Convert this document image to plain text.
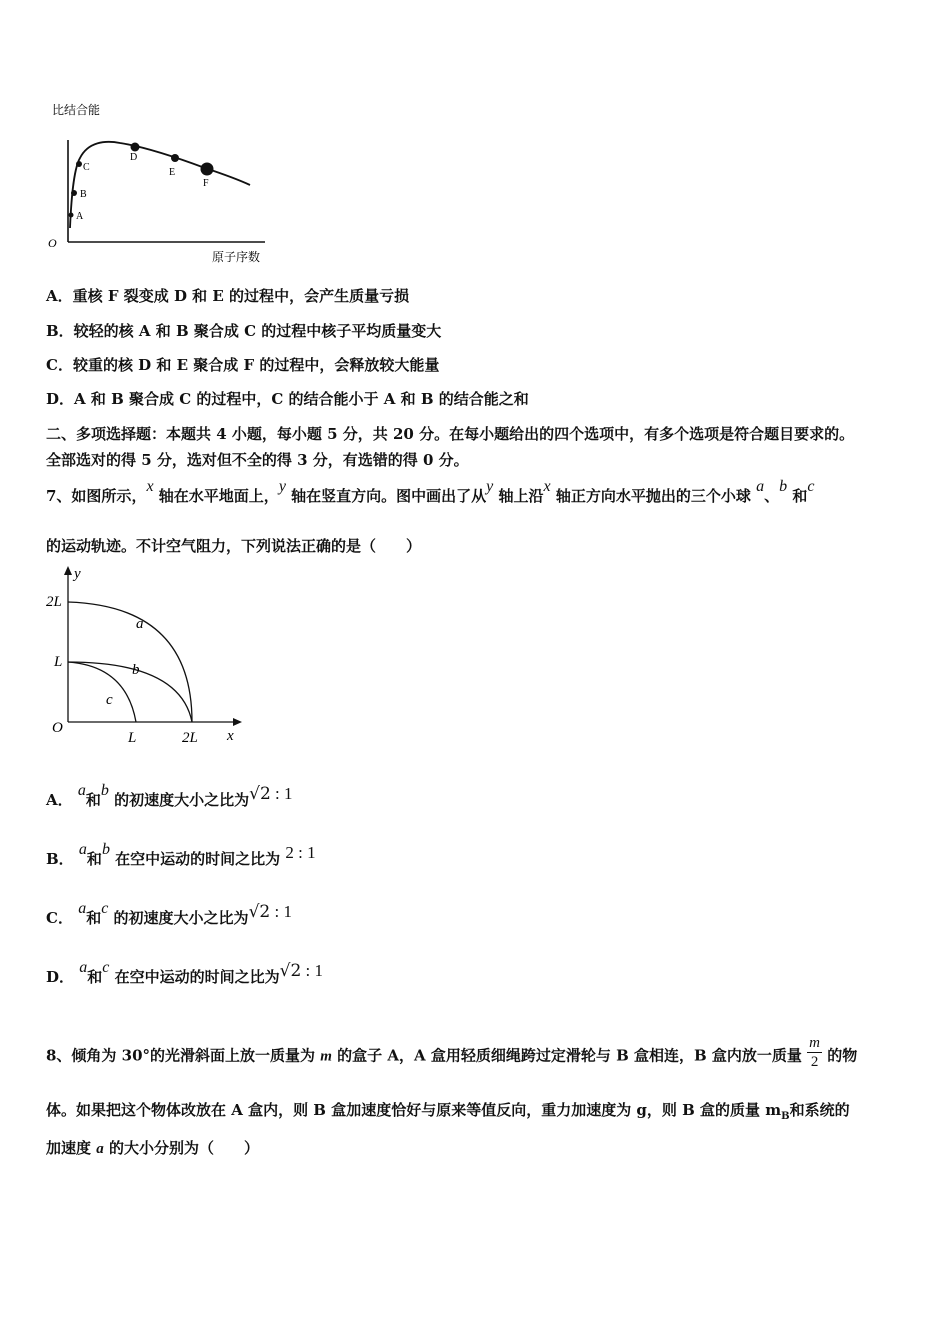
比结合能
O
原子序数
A
B
C
D
E
F
A．重核 F 裂变成 D 和 E 的过程中，会产生质量亏损
B．较轻的核 A 和 B 聚合成 C 的过程中核子平均质量变大
C．较重的核 D 和 E 聚合成 F 的过程中，会释放较大能量
D．A 和 B 聚合成 C 的过程中，C 的结合能小于 A 和 B 的结合能之和
二、多项选择题：本题共 4 小题，每小题 5 分，共 20 分。在每小题给出的四个选项中，有多个选项是符合题目要求的。
全部选对的得 5 分，选对但不全的得 3 分，有选错的得 0 分。
7、如图所示，x 轴在水平地面上，y 轴在竖直方向。图中画出了从y 轴上沿x 轴正方向水平抛出的三个小球 a、b 和c
的运动轨迹。不计空气阻力，下列说法正确的是（　　）
y
x
O
2L
L
L	2L
a
b
c
A． a和b 的初速度大小之比为√2 : 1
B． a和b 在空中运动的时间之比为 2 : 1
C． a和c 的初速度大小之比为√2 : 1
D． a和c 在空中运动的时间之比为√2 : 1
8、倾角为 30°的光滑斜面上放一质量为 m 的盒子 A，A 盒用轻质细绳跨过定滑轮与 B 盒相连，B 盒内放一质量 $\frac{m}{2}$ 的物
体。如果把这个物体改放在 A 盒内，则 B 盒加速度恰好与原来等值反向，重力加速度为 g，则 B 盒的质量 $m_B$和系统的
加速度 a 的大小分别为（　　）
